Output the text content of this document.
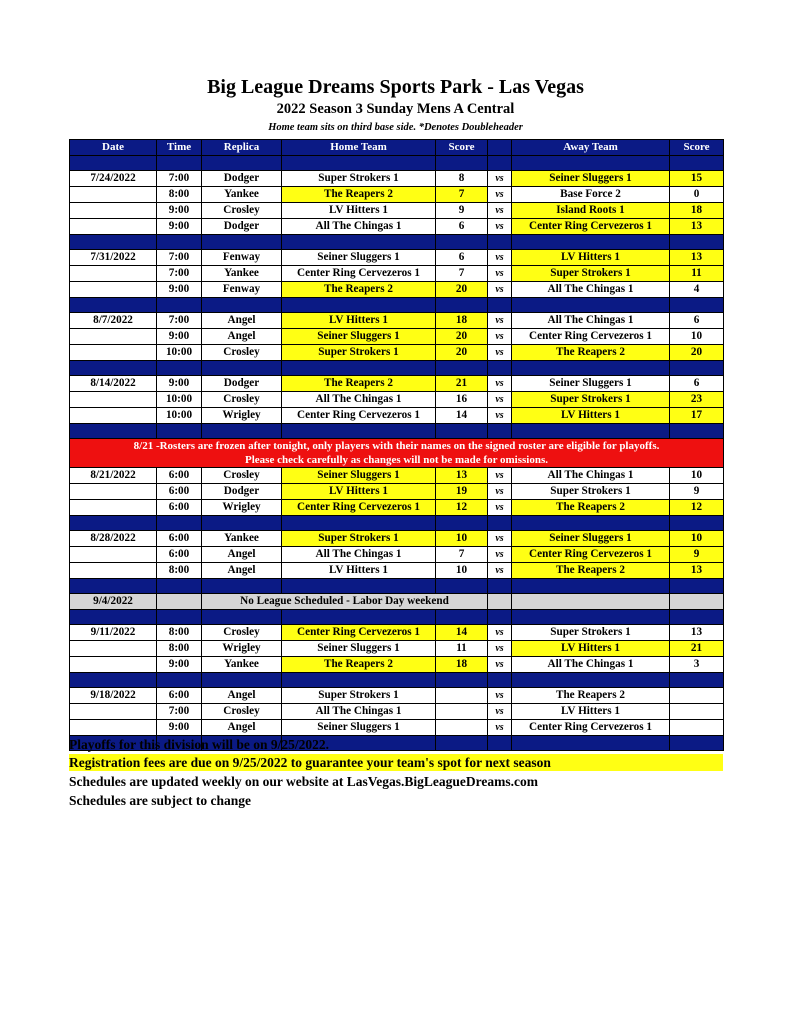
Big League Dreams Sports Park - Las Vegas
2022 Season 3 Sunday Mens A Central
Home team sits on third base side. *Denotes Doubleheader
Date	Time	Replica	Home Team	Score		Away Team	Score

7/24/2022	7:00	Dodger	Super Strokers 1	8	vs	Seiner Sluggers 1	15
	8:00	Yankee	The Reapers 2	7	vs	Base Force 2	0
	9:00	Crosley	LV Hitters 1	9	vs	Island Roots 1	18
	9:00	Dodger	All The Chingas 1	6	vs	Center Ring Cervezeros 1	13

7/31/2022	7:00	Fenway	Seiner Sluggers 1	6	vs	LV Hitters 1	13
	7:00	Yankee	Center Ring Cervezeros 1	7	vs	Super Strokers 1	11
	9:00	Fenway	The Reapers 2	20	vs	All The Chingas 1	4

8/7/2022	7:00	Angel	LV Hitters 1	18	vs	All The Chingas 1	6
	9:00	Angel	Seiner Sluggers 1	20	vs	Center Ring Cervezeros 1	10
	10:00	Crosley	Super Strokers 1	20	vs	The Reapers 2	20

8/14/2022	9:00	Dodger	The Reapers 2	21	vs	Seiner Sluggers 1	6
	10:00	Crosley	All The Chingas 1	16	vs	Super Strokers 1	23
	10:00	Wrigley	Center Ring Cervezeros 1	14	vs	LV Hitters 1	17

8/21 -Rosters are frozen after tonight, only players with their names on the signed roster are eligible for playoffs.
Please check carefully as changes will not be made for omissions.							

8/21/2022	6:00	Crosley	Seiner Sluggers 1	13	vs	All The Chingas 1	10
	6:00	Dodger	LV Hitters 1	19	vs	Super Strokers 1	9
	6:00	Wrigley	Center Ring Cervezeros 1	12	vs	The Reapers 2	12

8/28/2022	6:00	Yankee	Super Strokers 1	10	vs	Seiner Sluggers 1	10
	6:00	Angel	All The Chingas 1	7	vs	Center Ring Cervezeros 1	9
	8:00	Angel	LV Hitters 1	10	vs	The Reapers 2	13

9/4/2022		No League Scheduled - Labor Day weekend					

9/11/2022	8:00	Crosley	Center Ring Cervezeros 1	14	vs	Super Strokers 1	13
	8:00	Wrigley	Seiner Sluggers 1	11	vs	LV Hitters 1	21
	9:00	Yankee	The Reapers 2	18	vs	All The Chingas 1	3

9/18/2022	6:00	Angel	Super Strokers 1		vs	The Reapers 2	
	7:00	Crosley	All The Chingas 1		vs	LV Hitters 1	
	9:00	Angel	Seiner Sluggers 1		vs	Center Ring Cervezeros 1	

Playoffs for this division will be on 9/25/2022.
Registration fees are due on 9/25/2022 to guarantee your team's spot for next season
Schedules are updated weekly on our website at LasVegas.BigLeagueDreams.com
Schedules are subject to change
